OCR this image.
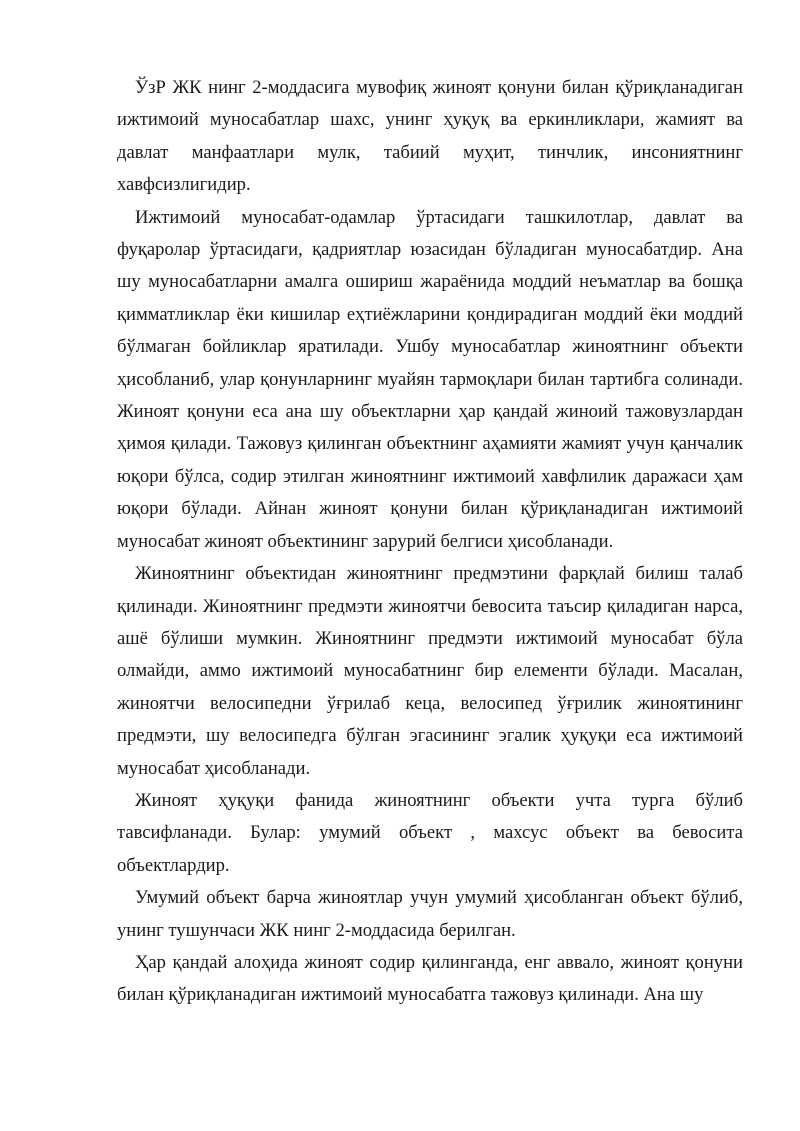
ЎзР ЖК нинг 2-моддасига мувофиқ жиноят қонуни билан қўриқланадиган ижтимоий муносабатлар шахс, унинг ҳуқуқ ва еркинликлари, жамият ва давлат манфаатлари мулк, табиий муҳит, тинчлик, инсониятнинг хавфсизлигидир.

Ижтимоий муносабат-одамлар ўртасидаги ташкилотлар, давлат ва фуқаролар ўртасидаги, қадриятлар юзасидан бўладиган муносабатдир. Ана шу муносабатларни амалга ошириш жараёнида моддий неъматлар ва бошқа қимматликлар ёки кишилар еҳтиёжларини қондирадиган моддий ёки моддий бўлмаган бойликлар яратилади. Ушбу муносабатлар жиноятнинг объекти ҳисобланиб, улар қонунларнинг муайян тармоқлари билан тартибга солинади. Жиноят қонуни еса ана шу объектларни ҳар қандай жиноий тажовузлардан ҳимоя қилади. Тажовуз қилинган объектнинг аҳамияти жамият учун қанчалик юқори бўлса, содир этилган жиноятнинг ижтимоий хавфлилик даражаси ҳам юқори бўлади. Айнан жиноят қонуни билан қўриқланадиган ижтимоий муносабат жиноят объектининг зарурий белгиси ҳисобланади.

Жиноятнинг объектидан жиноятнинг предмэтини фарқлай билиш талаб қилинади. Жиноятнинг предмэти жиноятчи бевосита таъсир қиладиган нарса, ашё бўлиши мумкин. Жиноятнинг предмэти ижтимоий муносабат бўла олмайди, аммо ижтимоий муносабатнинг бир елементи бўлади. Масалан, жиноятчи велосипедни ўғрилаб кеца, велосипед ўғрилик жиноятининг предмэти, шу велосипедга бўлган эгасининг эгалик ҳуқуқи еса ижтимоий муносабат ҳисобланади.

Жиноят ҳуқуқи фанида жиноятнинг объекти учта турга бўлиб тавсифланади. Булар: умумий объект , махсус объект ва бевосита объектлардир.

Умумий объект барча жиноятлар учун умумий ҳисобланган объект бўлиб, унинг тушунчаси ЖК нинг 2-моддасида берилган.

Ҳар қандай алоҳида жиноят содир қилинганда, енг аввало, жиноят қонуни билан қўриқланадиган ижтимоий муносабатга тажовуз қилинади. Ана шу
